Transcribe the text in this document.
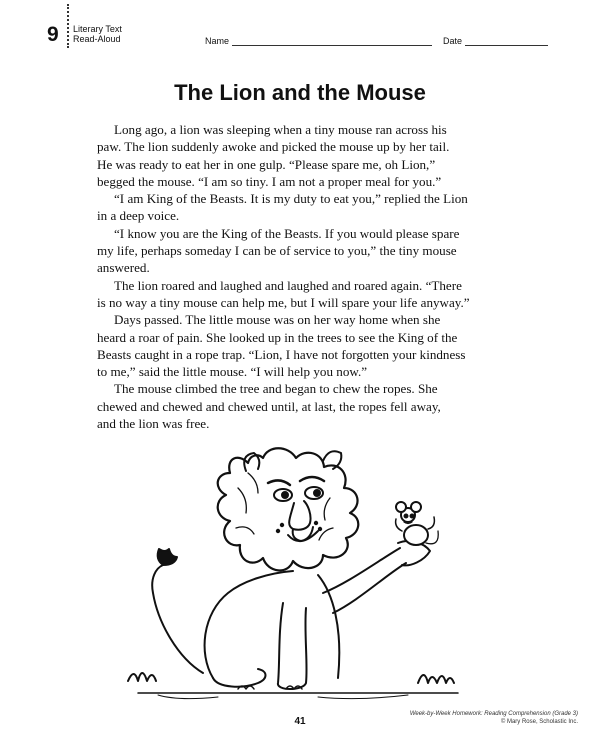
9 Literary Text
Read-Aloud	Name	Date
The Lion and the Mouse

Long ago, a lion was sleeping when a tiny mouse ran across his
paw. The lion suddenly awoke and picked the mouse up by her tail.
He was ready to eat her in one gulp. “Please spare me, oh Lion,”
begged the mouse. “I am so tiny. I am not a proper meal for you.”

“I am King of the Beasts. It is my duty to eat you,” replied the Lion
in a deep voice.

“I know you are the King of the Beasts. If you would please spare
my life, perhaps someday I can be of service to you,” the tiny mouse
answered.

The lion roared and laughed and laughed and roared again. “There
is no way a tiny mouse can help me, but I will spare your life anyway.”

Days passed. The little mouse was on her way home when she
heard a roar of pain. She looked up in the trees to see the King of the
Beasts caught in a rope trap. “Lion, I have not forgotten your kindness
to me,” said the little mouse. “I will help you now.”

The mouse climbed the tree and began to chew the ropes. She
chewed and chewed and chewed until, at last, the ropes fell away,
and the lion was free.

41
Week-by-Week Homework: Reading Comprehension (Grade 3)
© Mary Rose, Scholastic Inc.
